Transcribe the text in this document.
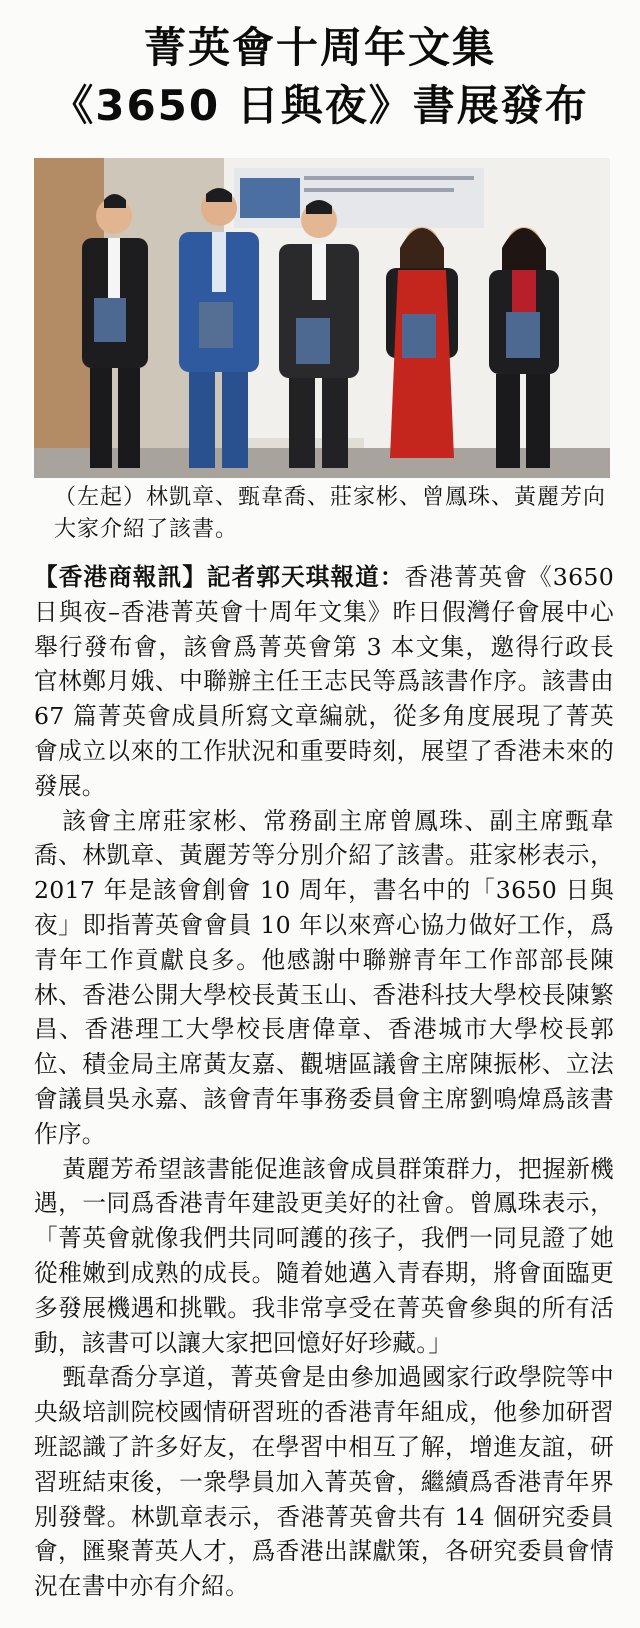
菁英會十周年文集
《3650 日與夜》書展發布
（左起）林凱章、甄韋喬、莊家彬、曾鳳珠、黃麗芳向大家介紹了該書。

【香港商報訊】記者郭天琪報道：香港菁英會《3650 日與夜–香港菁英會十周年文集》昨日假灣仔會展中心舉行發布會，該會爲菁英會第 3 本文集，邀得行政長官林鄭月娥、中聯辦主任王志民等爲該書作序。該書由 67 篇菁英會成員所寫文章編就，從多角度展現了菁英會成立以來的工作狀況和重要時刻，展望了香港未來的發展。

該會主席莊家彬、常務副主席曾鳳珠、副主席甄韋喬、林凱章、黃麗芳等分別介紹了該書。莊家彬表示，2017 年是該會創會 10 周年，書名中的「3650 日與夜」即指菁英會會員 10 年以來齊心協力做好工作，爲青年工作貢獻良多。他感謝中聯辦青年工作部部長陳林、香港公開大學校長黃玉山、香港科技大學校長陳繁昌、香港理工大學校長唐偉章、香港城市大學校長郭位、積金局主席黃友嘉、觀塘區議會主席陳振彬、立法會議員吳永嘉、該會青年事務委員會主席劉鳴煒爲該書作序。

黃麗芳希望該書能促進該會成員群策群力，把握新機遇，一同爲香港青年建設更美好的社會。曾鳳珠表示，「菁英會就像我們共同呵護的孩子，我們一同見證了她從稚嫩到成熟的成長。隨着她邁入青春期，將會面臨更多發展機遇和挑戰。我非常享受在菁英會參與的所有活動，該書可以讓大家把回憶好好珍藏。」

甄韋喬分享道，菁英會是由參加過國家行政學院等中央級培訓院校國情研習班的香港青年組成，他參加研習班認識了許多好友，在學習中相互了解，增進友誼，研習班結束後，一衆學員加入菁英會，繼續爲香港青年界別發聲。林凱章表示，香港菁英會共有 14 個研究委員會，匯聚菁英人才，爲香港出謀獻策，各研究委員會情況在書中亦有介紹。
